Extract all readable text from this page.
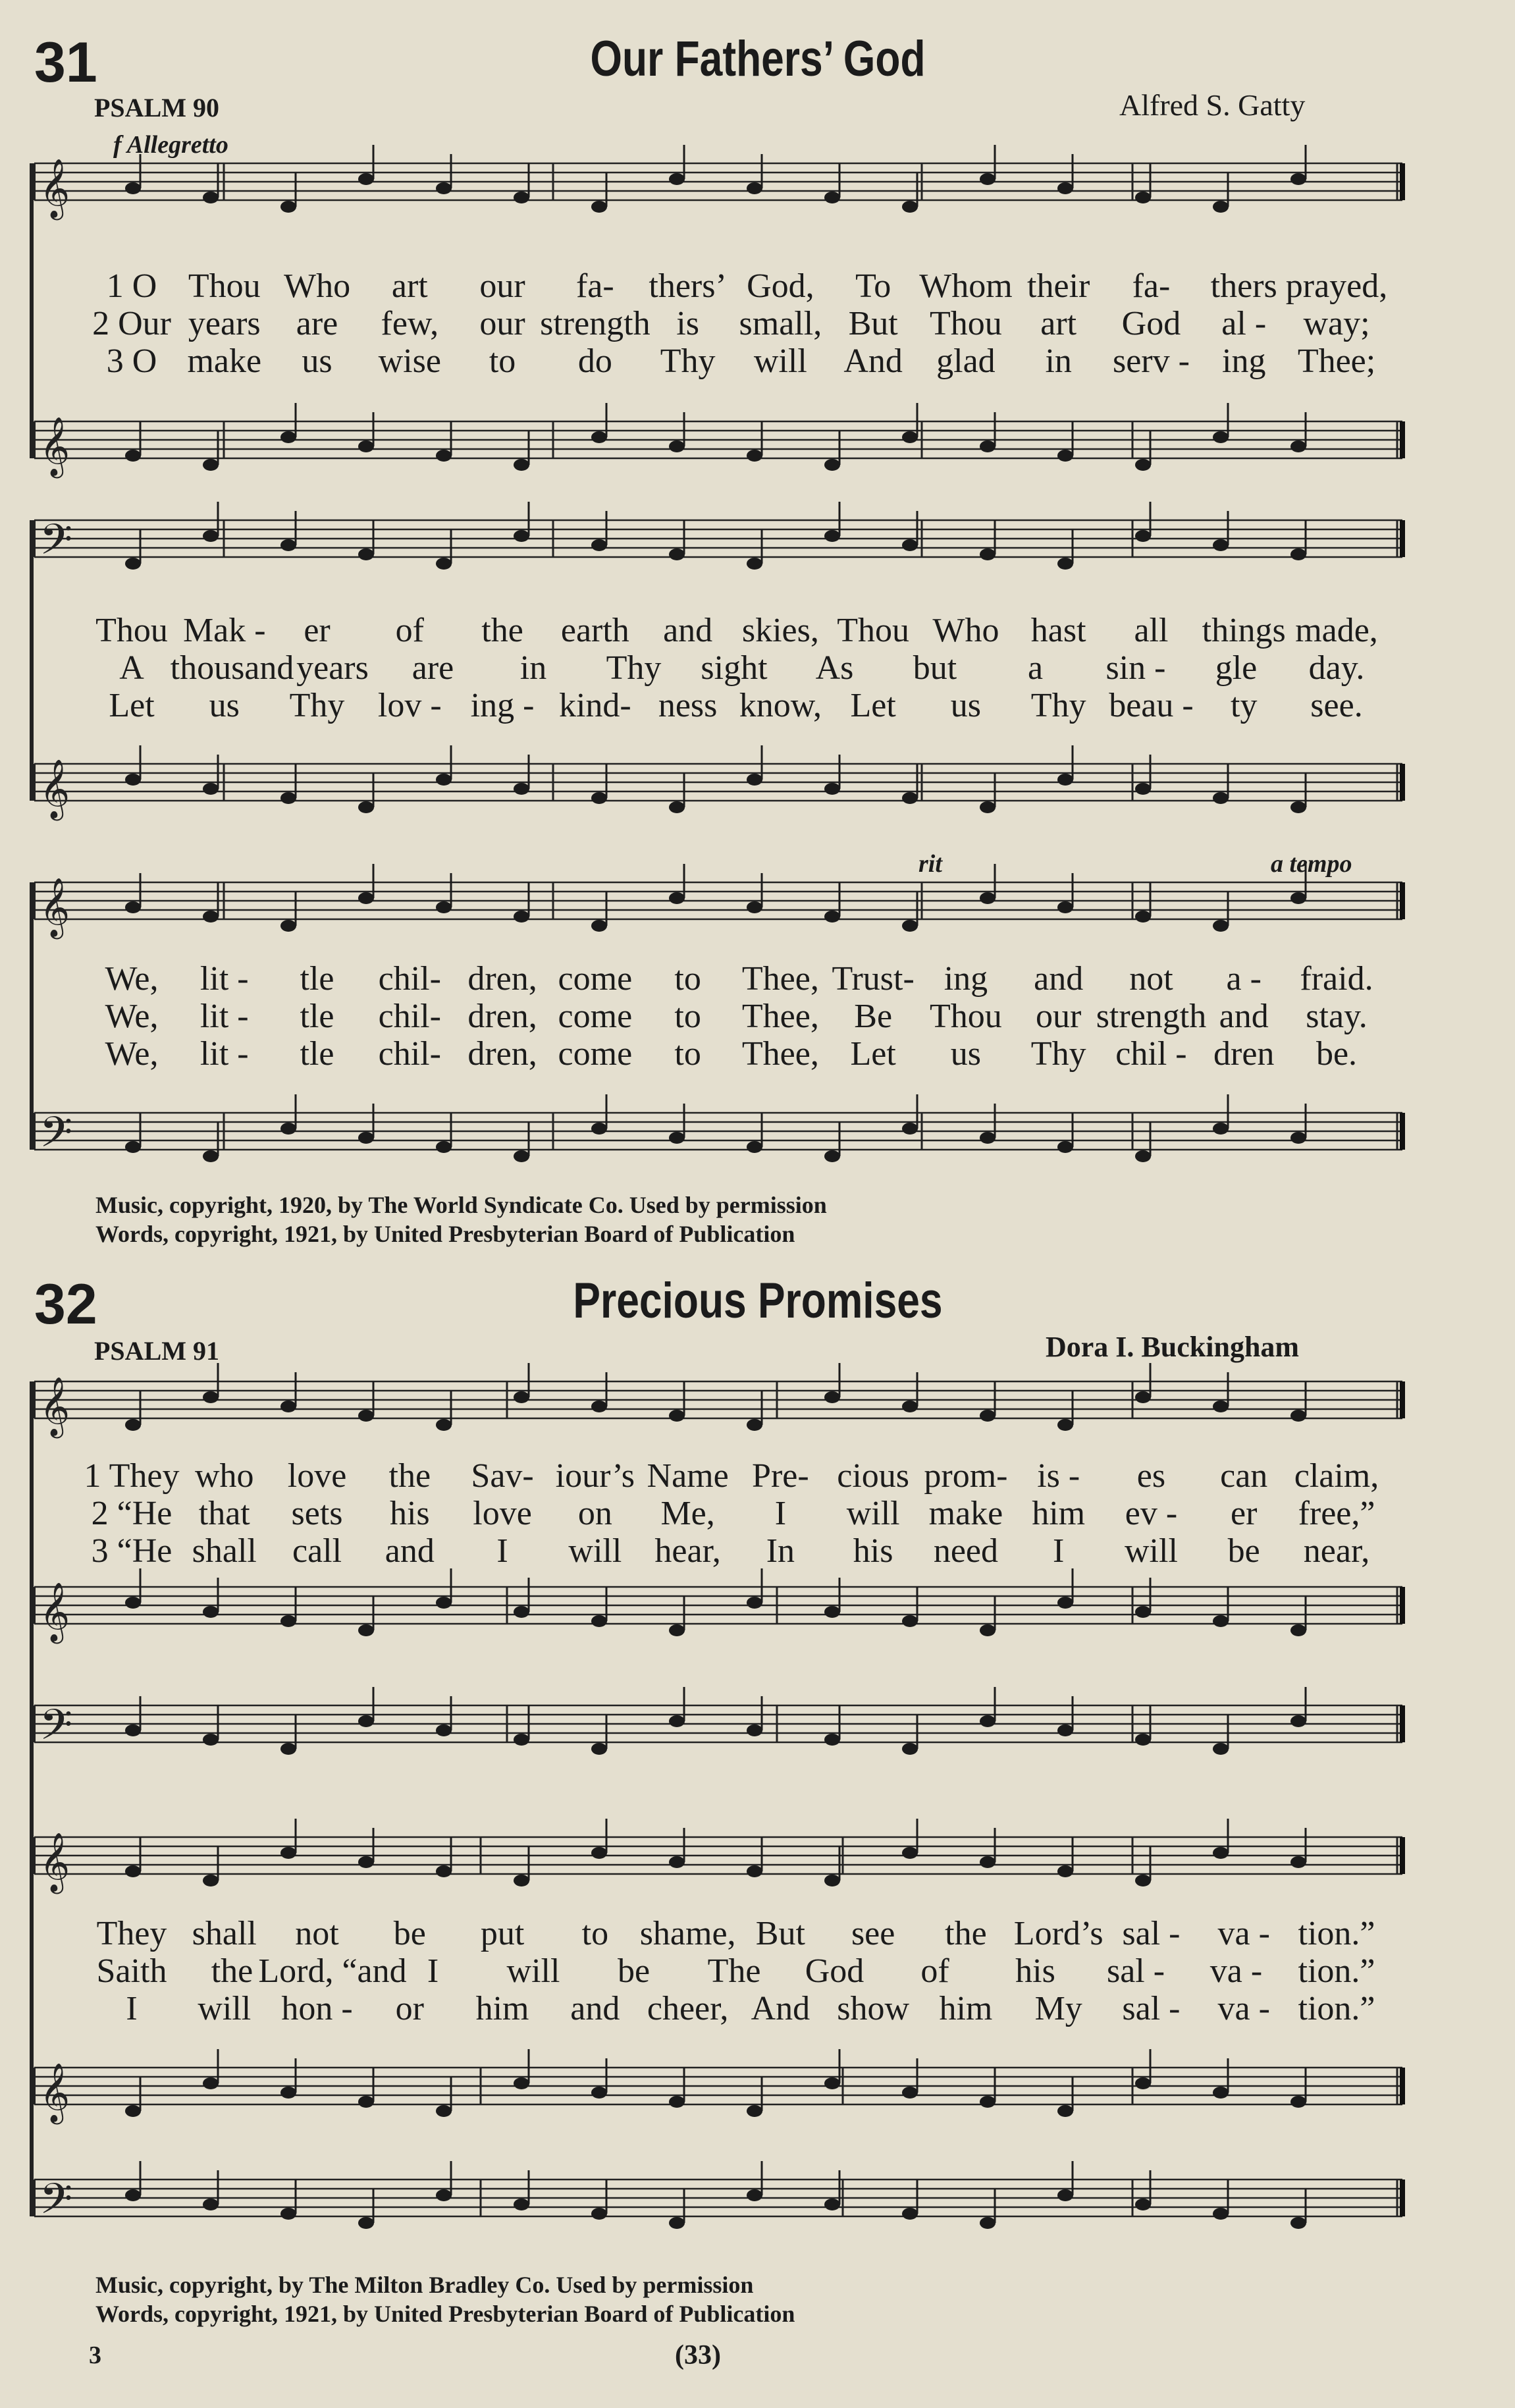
31	Our Fathers’ God
PSALM 90	Alfred S. Gatty
f Allegretto
𝄞
𝄞
𝄢
𝄞
𝄞
𝄢
𝄞
𝄞
𝄢
𝄞
𝄞
𝄢
1 O Thou Who art our fa- thers’ God, To Whom their fa- thers prayed,
2 Our years are few, our strength is small, But Thou art God al - way;
3 O make us wise to do Thy will And glad in serv - ing Thee;
Thou Mak - er of the earth and skies, Thou Who hast all things made,
A thousand years are in Thy sight As but a sin - gle day.
Let us Thy lov - ing - kind- ness know, Let us Thy beau - ty see.
rit	a tempo
We, lit - tle chil- dren, come to Thee, Trust- ing and not a - fraid.
We, lit - tle chil- dren, come to Thee, Be Thou our strength and stay.
We, lit - tle chil- dren, come to Thee, Let us Thy chil - dren be.
Music, copyright, 1920, by The World Syndicate Co. Used by permission
Words, copyright, 1921, by United Presbyterian Board of Publication
32	Precious Promises
PSALM 91	Dora I. Buckingham
1 They who love the Sav- iour’s Name Pre- cious prom- is - es can claim,
2 “He that sets his love on Me, I will make him ev - er free,”
3 “He shall call and I will hear, In his need I will be near,
They shall not be put to shame, But see the Lord’s sal - va - tion.”
Saith the Lord, “and I will be The God of his sal - va - tion.”
I will hon - or him and cheer, And show him My sal - va - tion.”
Music, copyright, by The Milton Bradley Co. Used by permission
Words, copyright, 1921, by United Presbyterian Board of Publication
3	(33)
